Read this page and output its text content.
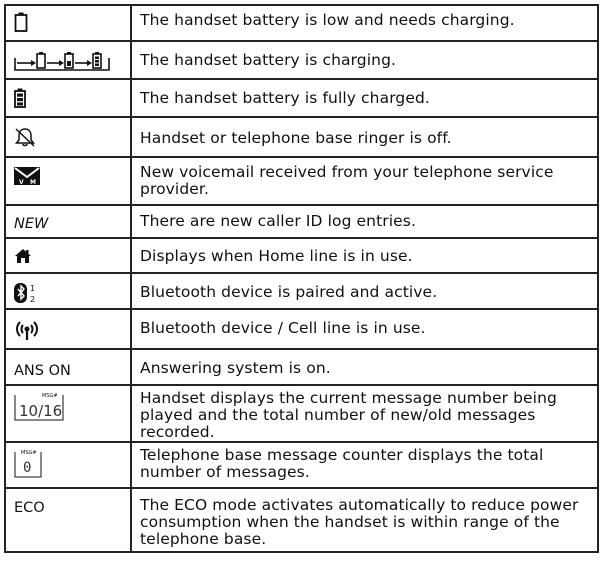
	The handset battery is low and needs charging.

	The handset battery is charging.

	The handset battery is fully charged.

	Handset or telephone base ringer is off.

V M	New voicemail received from your telephone service provider.
NEW	There are new caller ID log entries.

	Displays when Home line is in use.

1
2	Bluetooth device is paired and active.

	Bluetooth device / Cell line is in use.
ANS ON	Answering system is on.

MSG#
10/16	Handset displays the current message number being played and the total number of new/old messages recorded.

MSG#
0	Telephone base message counter displays the total number of messages.
ECO	The ECO mode activates automatically to reduce power consumption when the handset is within range of the telephone base.
